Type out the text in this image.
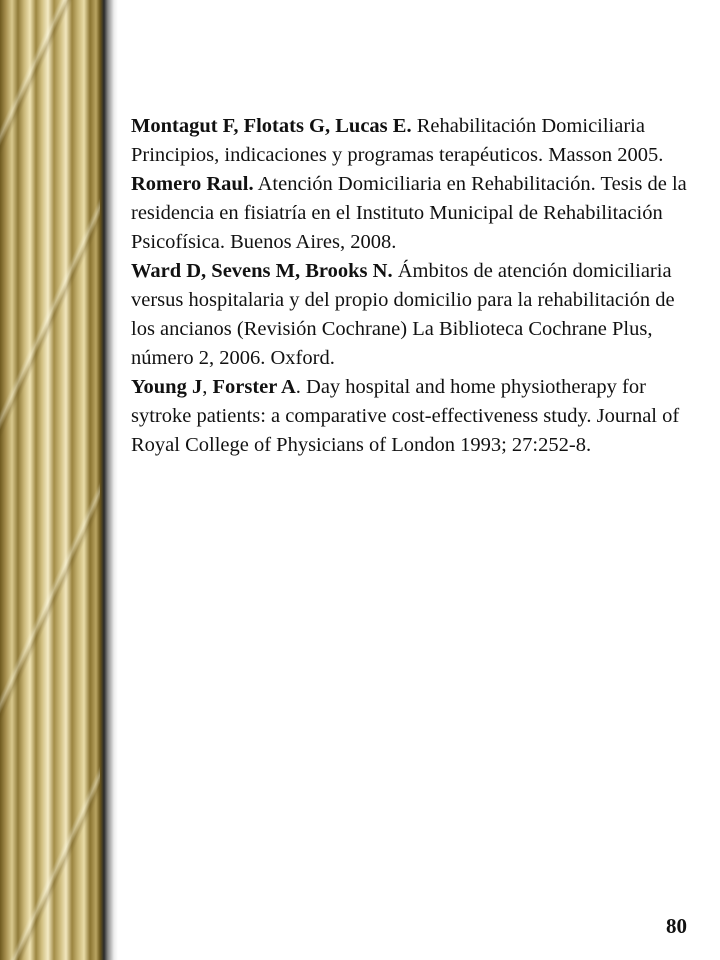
Montagut F, Flotats G, Lucas E. Rehabilitación Domiciliaria Principios, indicaciones y programas terapéuticos. Masson 2005.

Romero Raul. Atención Domiciliaria en Rehabilitación. Tesis de la residencia en fisiatría en el Instituto Municipal de Rehabilitación Psicofísica. Buenos Aires, 2008.

Ward D, Sevens M, Brooks N. Ámbitos de atención domiciliaria versus hospitalaria y del propio domicilio para la rehabilitación de los ancianos (Revisión Cochrane) La Biblioteca Cochrane Plus, número 2, 2006. Oxford.

Young J, Forster A. Day hospital and home physiotherapy for sytroke patients: a comparative cost-effectiveness study. Journal of Royal College of Physicians of London 1993; 27:252-8.

80
